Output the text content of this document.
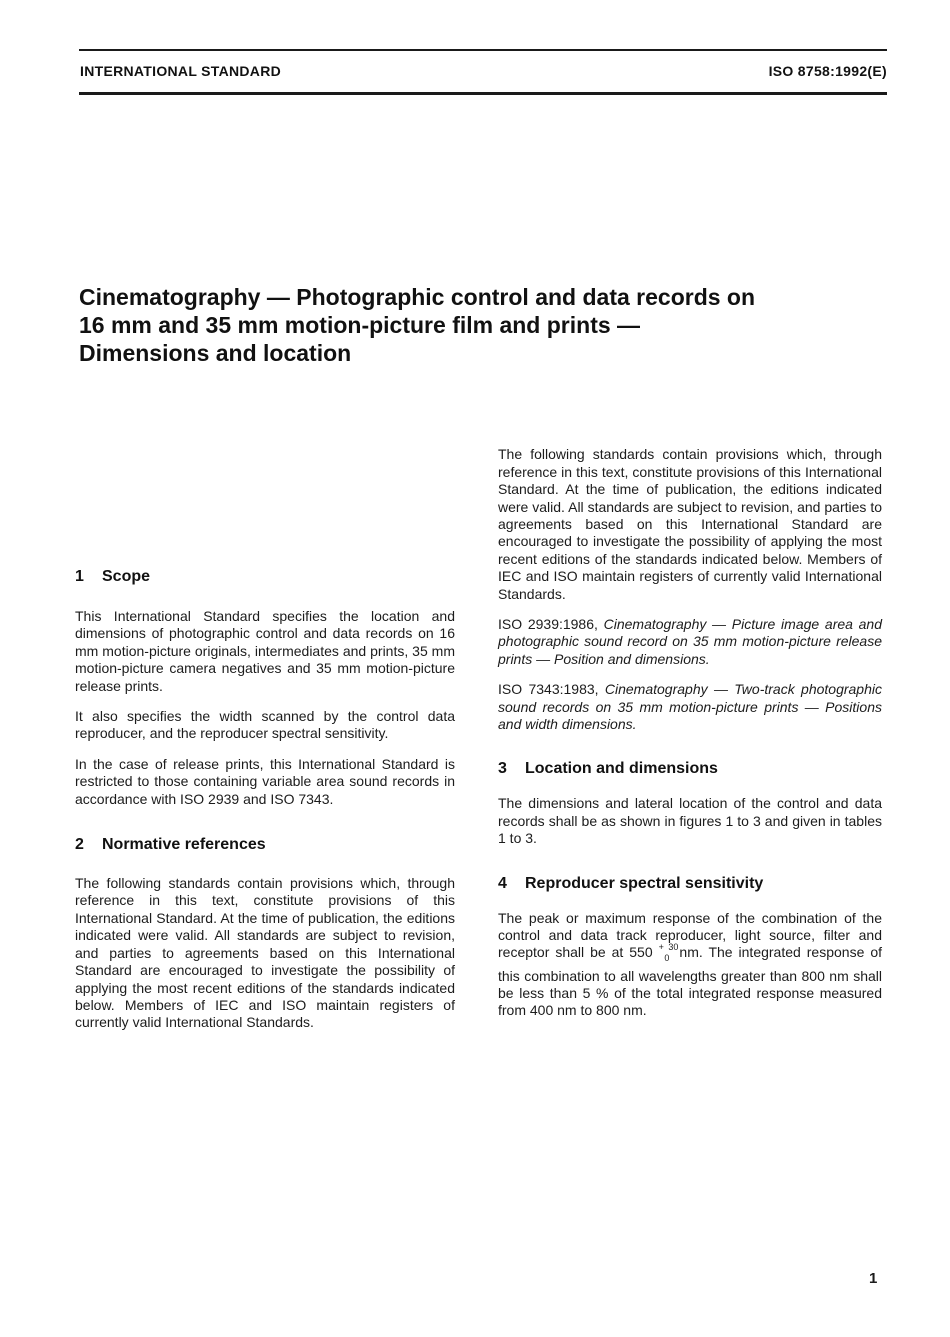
INTERNATIONAL STANDARD	ISO 8758:1992(E)
Cinematography — Photographic control and data records on
16 mm and 35 mm motion-picture film and prints —
Dimensions and location
1 Scope

This International Standard specifies the location and dimensions of photographic control and data records on 16 mm motion-picture originals, intermediates and prints, 35 mm motion-picture camera negatives and 35 mm motion-picture release prints.

It also specifies the width scanned by the control data reproducer, and the reproducer spectral sensitivity.

In the case of release prints, this International Standard is restricted to those containing variable area sound records in accordance with ISO 2939 and ISO 7343.

2 Normative references

The following standards contain provisions which, through reference in this text, constitute provisions of this International Standard. At the time of publication, the editions indicated were valid. All standards are subject to revision, and parties to agreements based on this International Standard are encouraged to investigate the possibility of applying the most recent editions of the standards indicated below. Members of IEC and ISO maintain registers of currently valid International Standards.

The following standards contain provisions which, through reference in this text, constitute provisions of this International Standard. At the time of publication, the editions indicated were valid. All standards are subject to revision, and parties to agreements based on this International Standard are encouraged to investigate the possibility of applying the most recent editions of the standards indicated below. Members of IEC and ISO maintain registers of currently valid International Standards.

ISO 2939:1986, Cinematography — Picture image area and photographic sound record on 35 mm motion-picture release prints — Position and dimensions.

ISO 7343:1983, Cinematography — Two-track photographic sound records on 35 mm motion-picture prints — Positions and width dimensions.

3 Location and dimensions

The dimensions and lateral location of the control and data records shall be as shown in figures 1 to 3 and given in tables 1 to 3.

4 Reproducer spectral sensitivity

The peak or maximum response of the combination of the control and data track reproducer, light source, filter and receptor shall be at 550 $^{+ 30}_0$ nm. The integrated response of this combination to all wavelengths greater than 800 nm shall be less than 5 % of the total integrated response measured from 400 nm to 800 nm.

1
